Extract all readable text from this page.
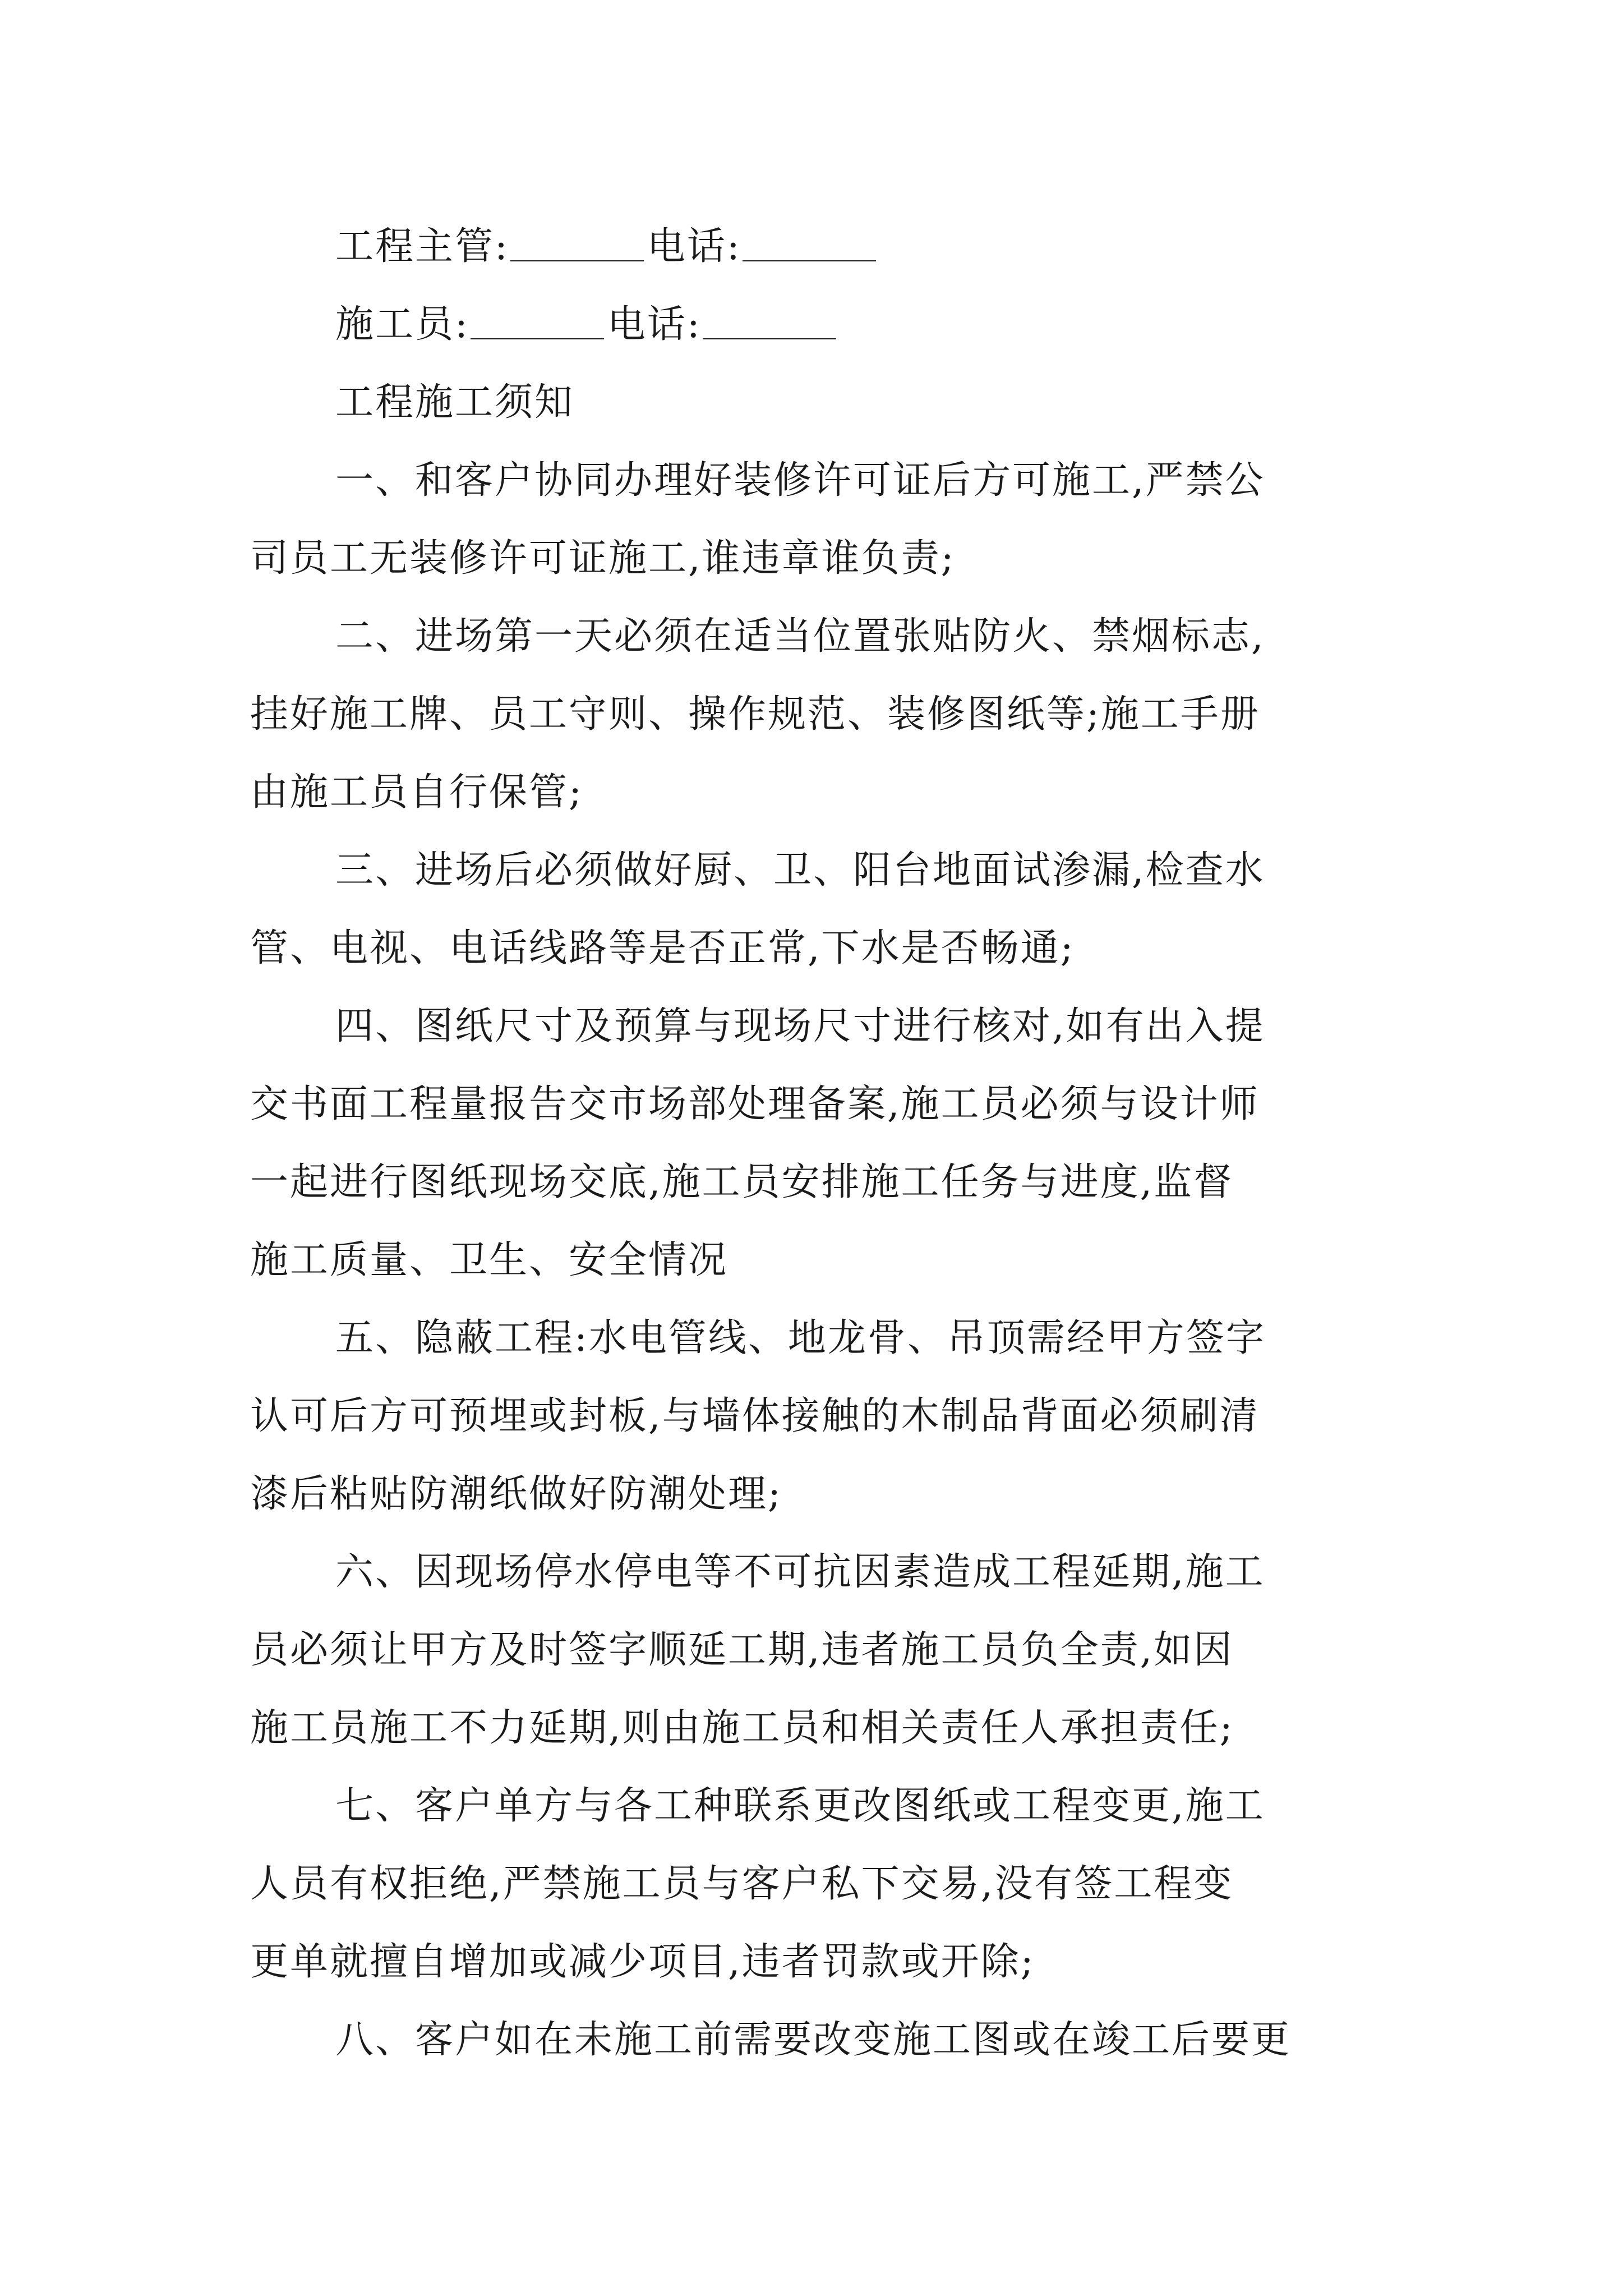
工程主管:	电话:
施工员:	电话:
工程施工须知
一、和客户协同办理好装修许可证后方可施工,严禁公
司员工无装修许可证施工,谁违章谁负责;
二、进场第一天必须在适当位置张贴防火、禁烟标志,
挂好施工牌、员工守则、操作规范、装修图纸等;施工手册
由施工员自行保管;
三、进场后必须做好厨、卫、阳台地面试渗漏,检查水
管、电视、电话线路等是否正常,下水是否畅通;
四、图纸尺寸及预算与现场尺寸进行核对,如有出入提
交书面工程量报告交市场部处理备案,施工员必须与设计师
一起进行图纸现场交底,施工员安排施工任务与进度,监督
施工质量、卫生、安全情况
五、隐蔽工程:水电管线、地龙骨、吊顶需经甲方签字
认可后方可预埋或封板,与墙体接触的木制品背面必须刷清
漆后粘贴防潮纸做好防潮处理;
六、因现场停水停电等不可抗因素造成工程延期,施工
员必须让甲方及时签字顺延工期,违者施工员负全责,如因
施工员施工不力延期,则由施工员和相关责任人承担责任;
七、客户单方与各工种联系更改图纸或工程变更,施工
人员有权拒绝,严禁施工员与客户私下交易,没有签工程变
更单就擅自增加或减少项目,违者罚款或开除;
八、客户如在未施工前需要改变施工图或在竣工后要更
